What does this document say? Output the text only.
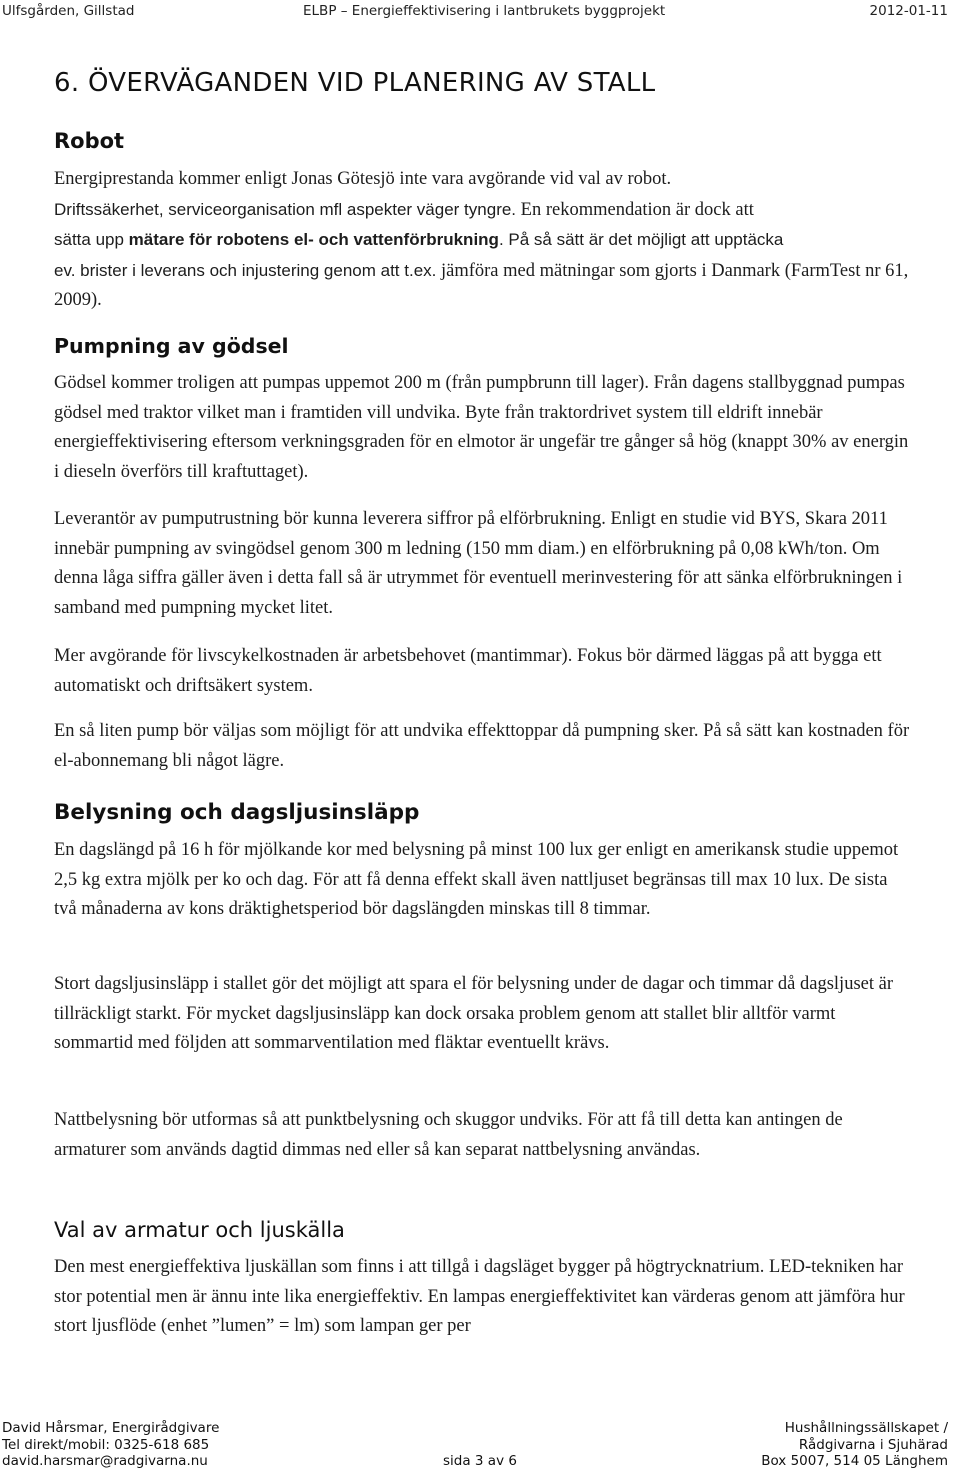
Ulfsgården, Gillstad	ELBP – Energieffektivisering i lantbrukets byggprojekt	2012-01-11
6. ÖVERVÄGANDEN VID PLANERING AV STALL
Robot

Energiprestanda kommer enligt Jonas Götesjö inte vara avgörande vid val av robot.
Driftssäkerhet, serviceorganisation mfl aspekter väger tyngre. En rekommendation är dock att
sätta upp mätare för robotens el- och vattenförbrukning. På så sätt är det möjligt att upptäcka
ev. brister i leverans och injustering genom att t.ex. jämföra med mätningar som gjorts i Danmark (FarmTest nr 61, 2009).

Pumpning av gödsel

Gödsel kommer troligen att pumpas uppemot 200 m (från pumpbrunn till lager). Från dagens stallbyggnad pumpas gödsel med traktor vilket man i framtiden vill undvika. Byte från traktordrivet system till eldrift innebär energieffektivisering eftersom verkningsgraden för en elmotor är ungefär tre gånger så hög (knappt 30% av energin i dieseln överförs till kraftuttaget).

Leverantör av pumputrustning bör kunna leverera siffror på elförbrukning. Enligt en studie vid BYS, Skara 2011 innebär pumpning av svingödsel genom 300 m ledning (150 mm diam.) en elförbrukning på 0,08 kWh/ton. Om denna låga siffra gäller även i detta fall så är utrymmet för eventuell merinvestering för att sänka elförbrukningen i samband med pumpning mycket litet.

Mer avgörande för livscykelkostnaden är arbetsbehovet (mantimmar). Fokus bör därmed läggas på att bygga ett automatiskt och driftsäkert system.

En så liten pump bör väljas som möjligt för att undvika effekttoppar då pumpning sker. På så sätt kan kostnaden för el-abonnemang bli något lägre.

Belysning och dagsljusinsläpp

En dagslängd på 16 h för mjölkande kor med belysning på minst 100 lux ger enligt en amerikansk studie uppemot 2,5 kg extra mjölk per ko och dag. För att få denna effekt skall även nattljuset begränsas till max 10 lux. De sista två månaderna av kons dräktighetsperiod bör dagslängden minskas till 8 timmar.

Stort dagsljusinsläpp i stallet gör det möjligt att spara el för belysning under de dagar och timmar då dagsljuset är tillräckligt starkt. För mycket dagsljusinsläpp kan dock orsaka problem genom att stallet blir alltför varmt sommartid med följden att sommarventilation med fläktar eventuellt krävs.

Nattbelysning bör utformas så att punktbelysning och skuggor undviks. För att få till detta kan antingen de armaturer som används dagtid dimmas ned eller så kan separat nattbelysning användas.

Val av armatur och ljuskälla

Den mest energieffektiva ljuskällan som finns i att tillgå i dagsläget bygger på högtrycknatrium. LED-tekniken har stor potential men är ännu inte lika energieffektiv. En lampas energieffektivitet kan värderas genom att jämföra hur stort ljusflöde (enhet ”lumen” = lm) som lampan ger per

David Hårsmar, Energirådgivare
Tel direkt/mobil: 0325-618 685
david.harsmar@radgivarna.nu	sida 3 av 6
Hushållningssällskapet /
Rådgivarna i Sjuhärad
Box 5007, 514 05 Länghem
